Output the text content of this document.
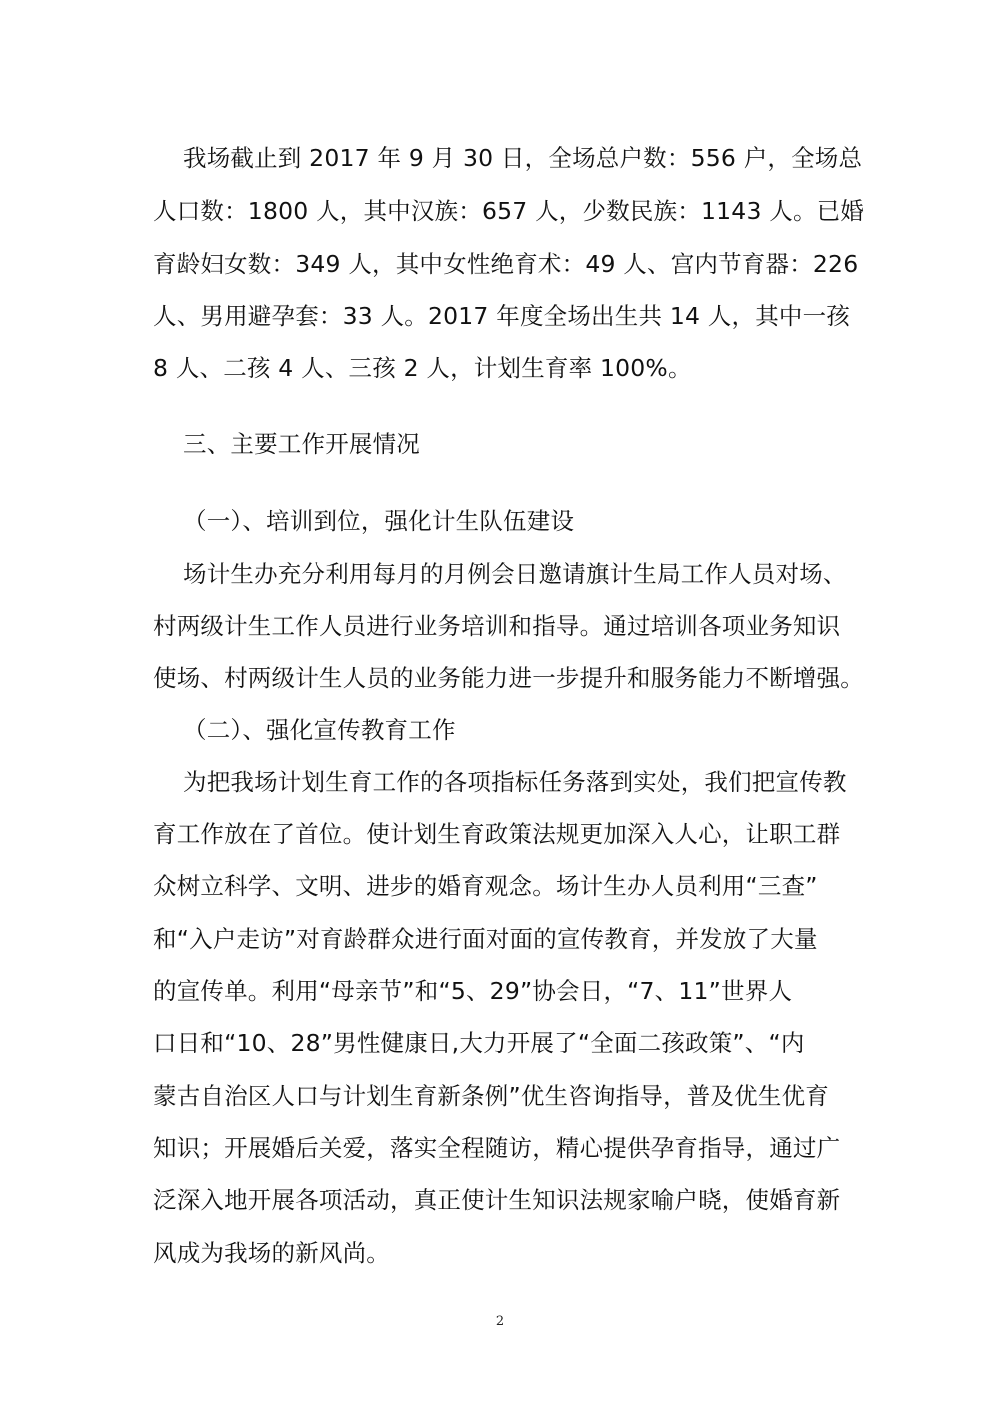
我场截止到 2017 年 9 月 30 日，全场总户数：556 户，全场总
人口数：1800 人，其中汉族：657 人，少数民族：1143 人。已婚
育龄妇女数：349 人，其中女性绝育术：49 人、宫内节育器：226
人、男用避孕套：33 人。2017 年度全场出生共 14 人，其中一孩
8 人、二孩 4 人、三孩 2 人，计划生育率 100%。
三、主要工作开展情况
（一）、培训到位，强化计生队伍建设
场计生办充分利用每月的月例会日邀请旗计生局工作人员对场、
村两级计生工作人员进行业务培训和指导。通过培训各项业务知识
使场、村两级计生人员的业务能力进一步提升和服务能力不断增强。
（二）、强化宣传教育工作
为把我场计划生育工作的各项指标任务落到实处，我们把宣传教
育工作放在了首位。使计划生育政策法规更加深入人心，让职工群
众树立科学、文明、进步的婚育观念。场计生办人员利用“三查”
和“入户走访”对育龄群众进行面对面的宣传教育，并发放了大量
的宣传单。利用“母亲节”和“5、29”协会日，“7、11”世界人
口日和“10、28”男性健康日,大力开展了“全面二孩政策”、“内
蒙古自治区人口与计划生育新条例”优生咨询指导，普及优生优育
知识；开展婚后关爱，落实全程随访，精心提供孕育指导，通过广
泛深入地开展各项活动，真正使计生知识法规家喻户晓，使婚育新
风成为我场的新风尚。
2
